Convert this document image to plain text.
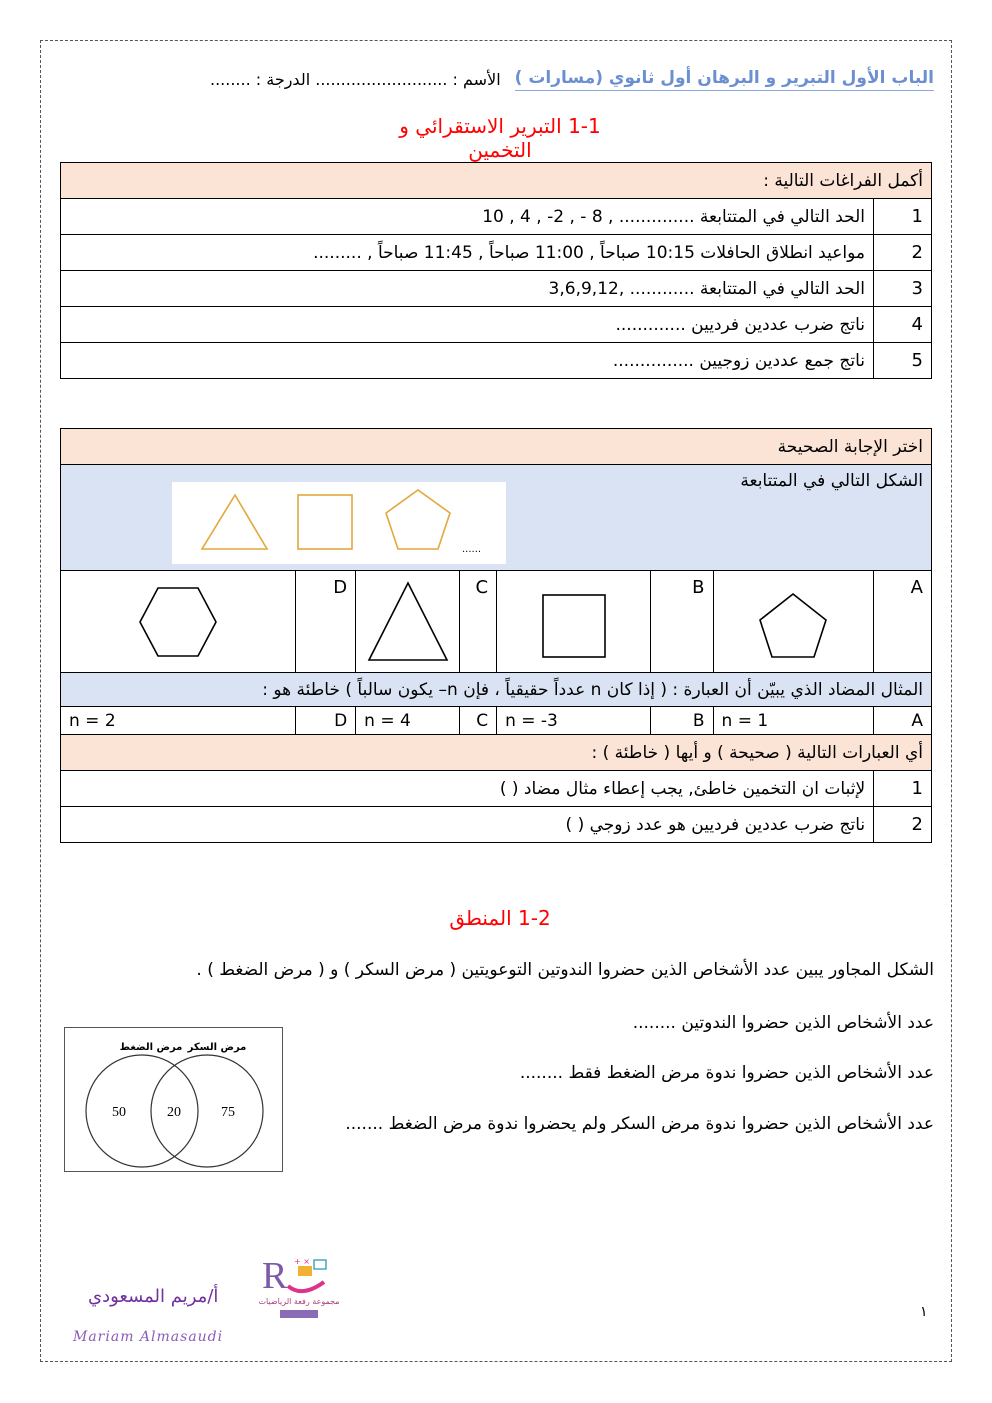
الباب الأول التبرير و البرهان أول ثانوي (مسارات )
الأسم : .......................... الدرجة : ........
1-1 التبرير الاستقرائي و التخمين
أكمل الفراغات التالية :	
1	الحد التالي في المتتابعة .............. , 8 - , 2- , 4 , 10
2	مواعيد انطلاق الحافلات 10:15 صباحاً , 11:00 صباحاً , 11:45 صباحاً , .........
3	الحد التالي في المتتابعة ............ ,3,6,9,12
4	ناتج ضرب عددين فرديين .............
5	ناتج جمع عددين زوجيين ...............
اختر الإجابة الصحيحة							
الشكل التالي في المتتابعة							

A		B		C		D

المثال المضاد الذي يبيّن أن العبارة : ( إذا كان n عدداً حقيقياً ، فإن n– يكون سالباً ) خاطئة هو :							
A	n = 1	B	n = -3	C	n = 4	D	n = 2
أي العبارات التالية ( صحيحة ) و أيها ( خاطئة ) :							
1	لإثبات ان التخمين خاطئ, يجب إعطاء مثال مضاد ( )						
2	ناتج ضرب عددين فرديين هو عدد زوجي ( )						
......
1-2 المنطق
الشكل المجاور يبين عدد الأشخاص الذين حضروا الندوتين التوعويتين ( مرض السكر ) و ( مرض الضغط ) .
عدد الأشخاص الذين حضروا الندوتين ........
عدد الأشخاص الذين حضروا ندوة مرض الضغط فقط ........
عدد الأشخاص الذين حضروا ندوة مرض السكر ولم يحضروا ندوة مرض الضغط .......
مرض الضغط مرض السكر
50	20	75
أ/مريم المسعودي
Mariam Almasaudi
R + ×
مجموعة رفعة الرياضيات
١
